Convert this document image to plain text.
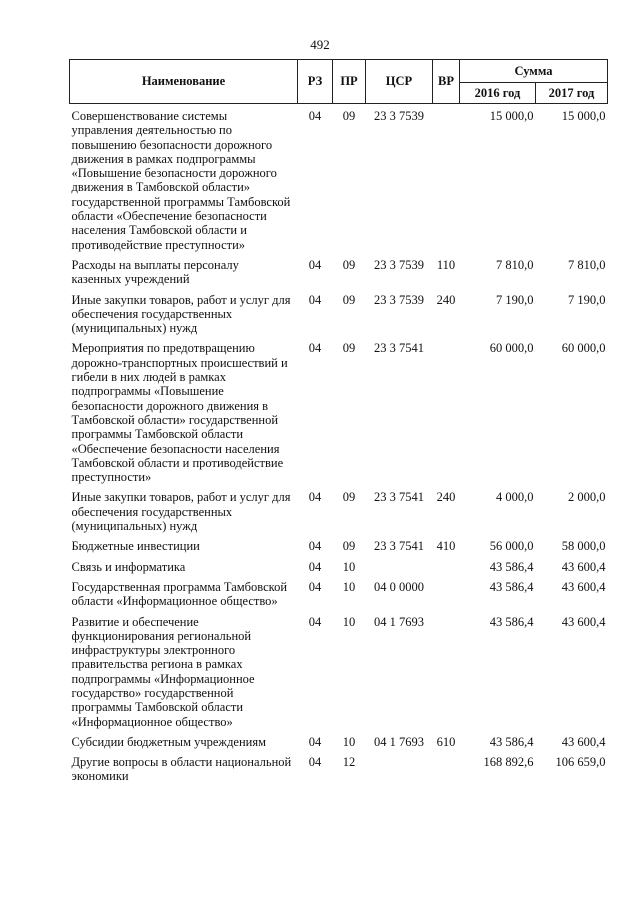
492
Наименование	РЗ	ПР	ЦСР	ВР	Сумма	
					2016 год	2017 год
Совершенствование системы управления деятельностью по повышению безопасности дорожного движения в рамках подпрограммы «Повышение безопасности дорожного движения в Тамбовской области» государственной программы Тамбовской области «Обеспечение безопасности населения Тамбовской области и противодействие преступности»	04	09	23 3 7539		15 000,0	15 000,0
Расходы на выплаты персоналу казенных учреждений	04	09	23 3 7539	110	7 810,0	7 810,0
Иные закупки товаров, работ и услуг для обеспечения государственных (муниципальных) нужд	04	09	23 3 7539	240	7 190,0	7 190,0
Мероприятия по предотвращению дорожно-транспортных происшествий и гибели в них людей в рамках подпрограммы «Повышение безопасности дорожного движения в Тамбовской области» государственной программы Тамбовской области «Обеспечение безопасности населения Тамбовской области и противодействие преступности»	04	09	23 3 7541		60 000,0	60 000,0
Иные закупки товаров, работ и услуг для обеспечения государственных (муниципальных) нужд	04	09	23 3 7541	240	4 000,0	2 000,0
Бюджетные инвестиции	04	09	23 3 7541	410	56 000,0	58 000,0
Связь и информатика	04	10			43 586,4	43 600,4
Государственная программа Тамбовской области «Информационное общество»	04	10	04 0 0000		43 586,4	43 600,4
Развитие и обеспечение функционирования региональной инфраструктуры электронного правительства региона в рамках подпрограммы «Информационное государство» государственной программы Тамбовской области «Информационное общество»	04	10	04 1 7693		43 586,4	43 600,4
Субсидии бюджетным учреждениям	04	10	04 1 7693	610	43 586,4	43 600,4
Другие вопросы в области национальной экономики	04	12			168 892,6	106 659,0
